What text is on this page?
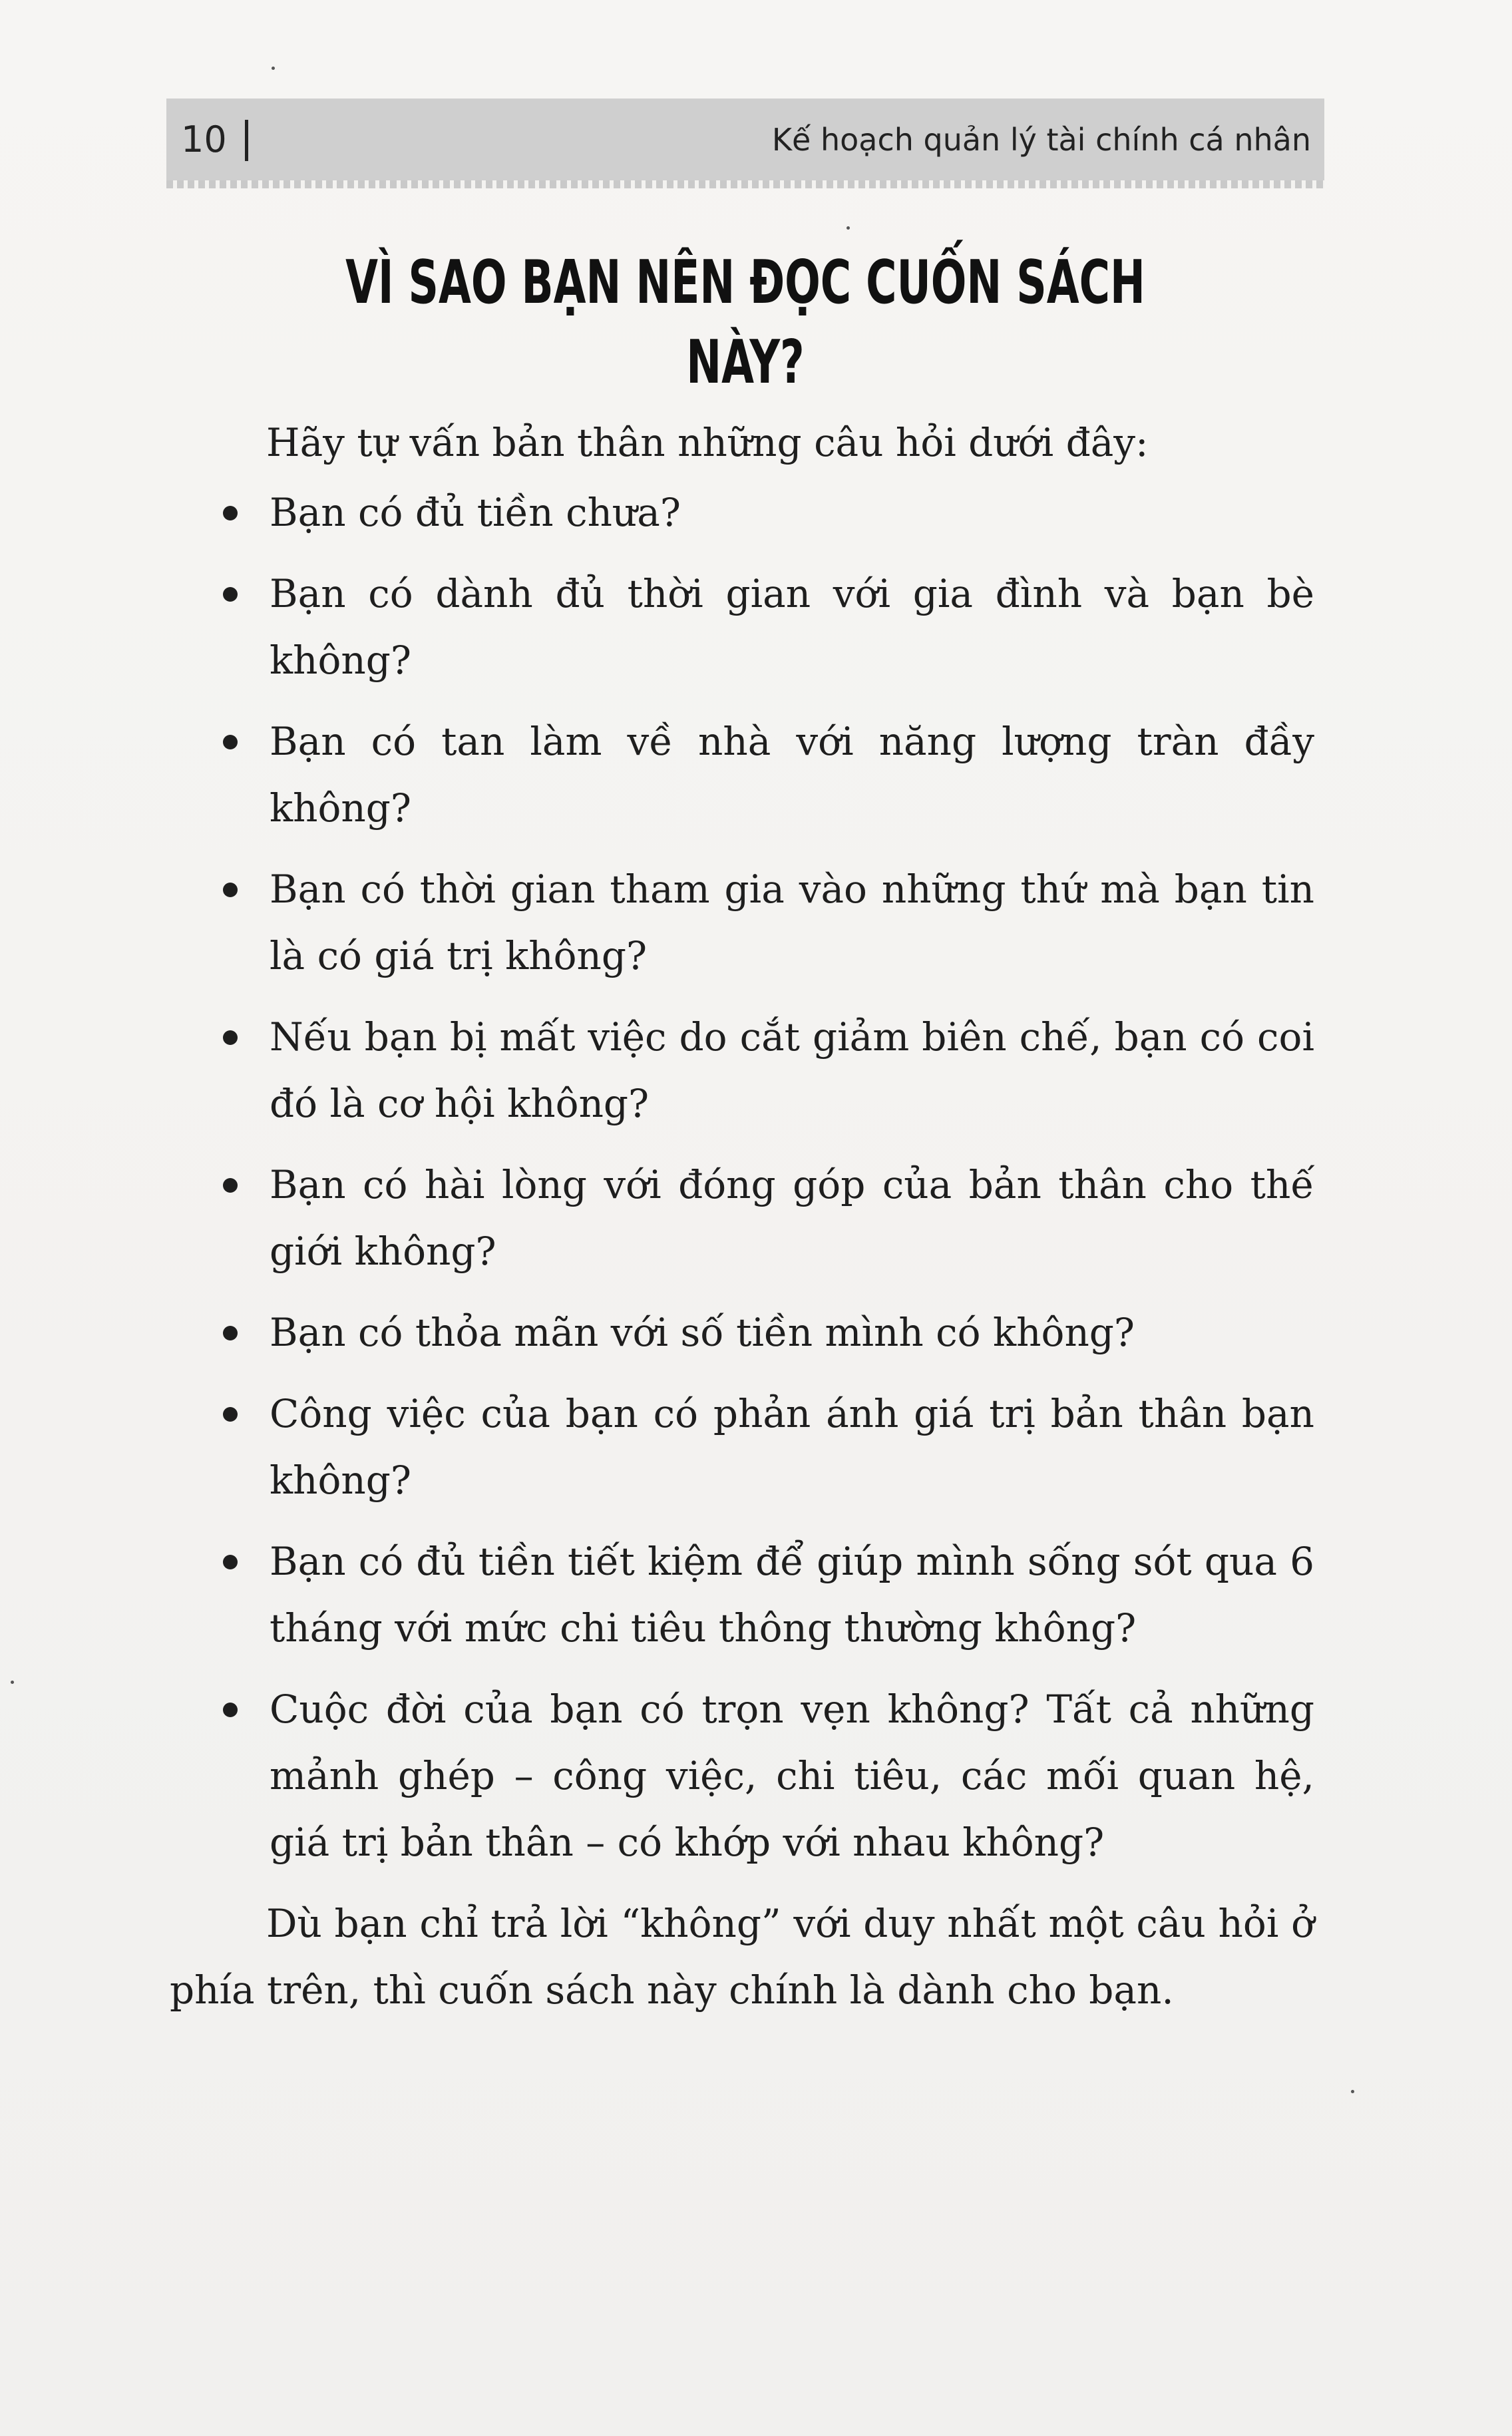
10	Kế hoạch quản lý tài chính cá nhân
VÌ SAO BẠN NÊN ĐỌC CUỐN SÁCH NÀY?

Hãy tự vấn bản thân những câu hỏi dưới đây:

Bạn có đủ tiền chưa?
Bạn có dành đủ thời gian với gia đình và bạn bè không?
Bạn có tan làm về nhà với năng lượng tràn đầy không?
Bạn có thời gian tham gia vào những thứ mà bạn tin là có giá trị không?
Nếu bạn bị mất việc do cắt giảm biên chế, bạn có coi đó là cơ hội không?
Bạn có hài lòng với đóng góp của bản thân cho thế giới không?
Bạn có thỏa mãn với số tiền mình có không?
Công việc của bạn có phản ánh giá trị bản thân bạn không?
Bạn có đủ tiền tiết kiệm để giúp mình sống sót qua 6 tháng với mức chi tiêu thông thường không?
Cuộc đời của bạn có trọn vẹn không? Tất cả những mảnh ghép – công việc, chi tiêu, các mối quan hệ, giá trị bản thân – có khớp với nhau không?

Dù bạn chỉ trả lời “không” với duy nhất một câu hỏi ở phía trên, thì cuốn sách này chính là dành cho bạn.
